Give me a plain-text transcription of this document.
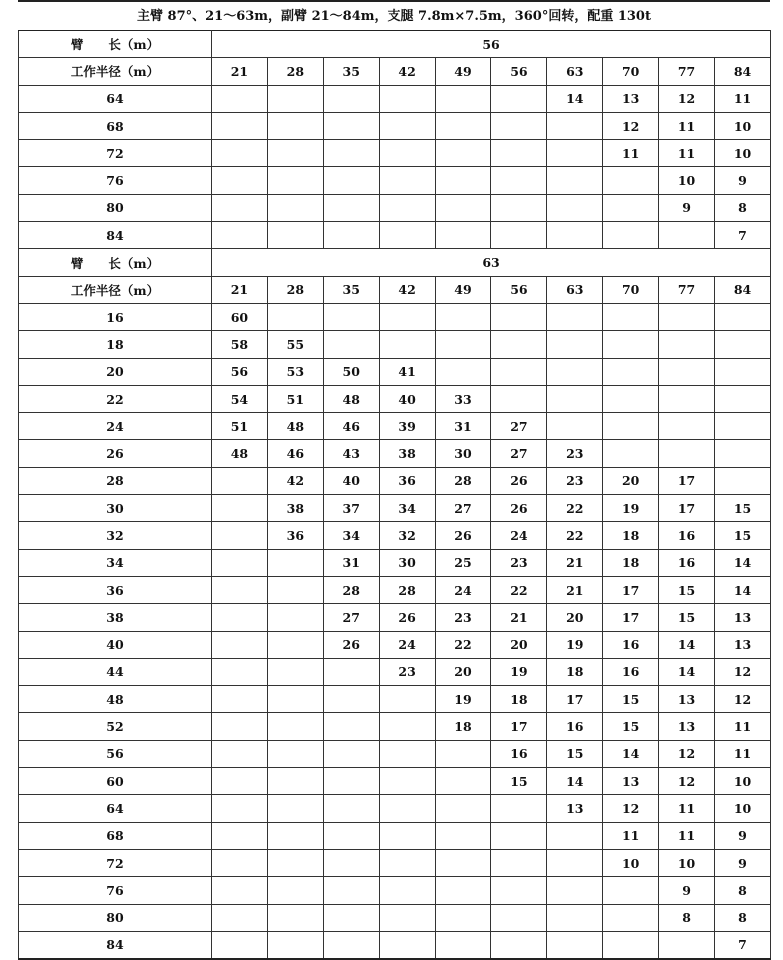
主臂 87°、21～63m，副臂 21～84m，支腿 7.8m×7.5m，360°回转，配重 130t
臂　　长（m）	56									
工作半径（m）	21	28	35	42	49	56	63	70	77	84
64							14	13	12	11
68								12	11	10
72								11	11	10
76									10	9
80									9	8
84										7
臂　　长（m）	63									
工作半径（m）	21	28	35	42	49	56	63	70	77	84
16	60									
18	58	55								
20	56	53	50	41						
22	54	51	48	40	33					
24	51	48	46	39	31	27				
26	48	46	43	38	30	27	23			
28		42	40	36	28	26	23	20	17	
30		38	37	34	27	26	22	19	17	15
32		36	34	32	26	24	22	18	16	15
34			31	30	25	23	21	18	16	14
36			28	28	24	22	21	17	15	14
38			27	26	23	21	20	17	15	13
40			26	24	22	20	19	16	14	13
44				23	20	19	18	16	14	12
48					19	18	17	15	13	12
52					18	17	16	15	13	11
56						16	15	14	12	11
60						15	14	13	12	10
64							13	12	11	10
68								11	11	9
72								10	10	9
76									9	8
80									8	8
84										7
